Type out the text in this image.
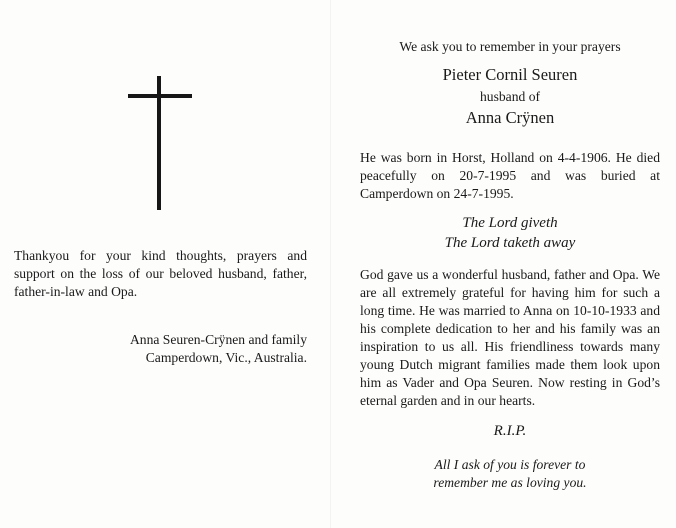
Thankyou for your kind thoughts, prayers and support on the loss of our beloved husband, father, father-in-law and Opa.
Anna Seuren-Crÿnen and family
Camperdown, Vic., Australia.
We ask you to remember in your prayers
Pieter Cornil Seuren
husband of
Anna Crÿnen
He was born in Horst, Holland on 4-4-1906. He died peacefully on 20-7-1995 and was buried at Camperdown on 24-7-1995.
The Lord giveth
The Lord taketh away
God gave us a wonderful husband, father and Opa. We are all extremely grateful for having him for such a long time. He was married to Anna on 10-10-1933 and his complete dedication to her and his family was an inspiration to us all. His friendliness towards many young Dutch migrant families made them look upon him as Vader and Opa Seuren. Now resting in God’s eternal garden and in our hearts.
R.I.P.
All I ask of you is forever to
remember me as loving you.
